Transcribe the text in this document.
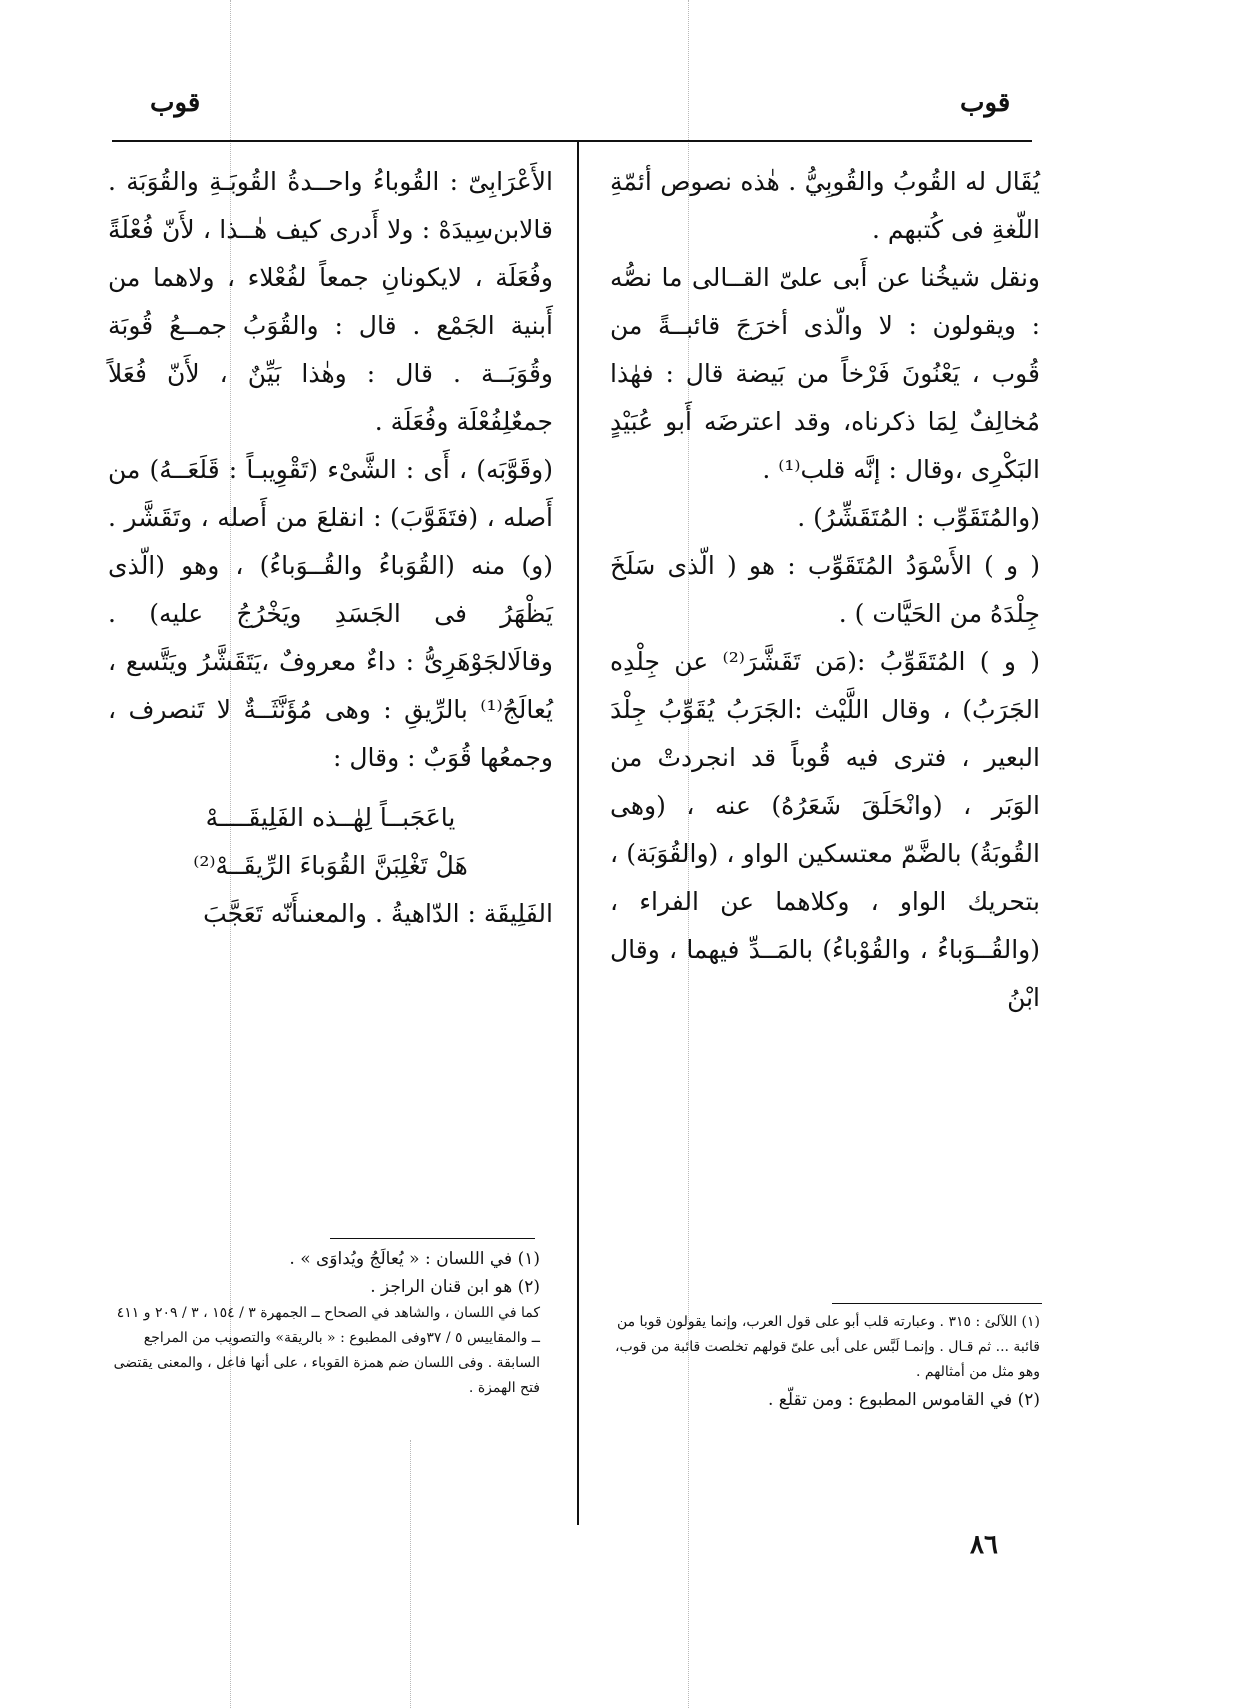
قوب
قوب

يُقَال له القُوبُ والقُوبِيُّ . هٰذه نصوص أئمّةِ اللّغةِ فى كُتبهم .

ونقل شيخُنا عن أَبى علىّ القــالى ما نصُّه : ويقولون : لا والّذى أخرَجَ قائبــةً من قُوب ، يَعْنُونَ فَرْخاً من بَيضة قال : فهٰذا مُخالِفٌ لِمَا ذكرناه، وقد اعترضَه أَبو عُبَيْدٍ البَكْرِى ،وقال : إنَّه قلب⁽¹⁾ .

(والمُتَقَوِّب : المُتَقَشِّرُ) .

( و ) الأَسْوَدُ المُتَقَوِّب : هو ( الّذى سَلَخَ جِلْدَهُ من الحَيَّات ) .

( و ) المُتَقَوِّبُ :(مَن تَقَشَّرَ⁽²⁾ عن جِلْدِه الجَرَبُ) ، وقال اللَّيْث :الجَرَبُ يُقَوِّبُ جِلْدَ البعير ، فترى فيه قُوباً قد انجردتْ من الوَبَر ، (وانْحَلَقَ شَعَرُهُ) عنه ، (وهى القُوبَةُ) بالضَّمّ معتسكين الواو ، (والقُوَبَة) ، بتحريك الواو ، وكلاهما عن الفراء ، (والقُــوَباءُ ، والقُوْباءُ) بالمَــدِّ فيهما ، وقال ابْنُ

الأَعْرَابِىّ : القُوباءُ واحــدةُ القُوبَـةِ والقُوَبَة . قالابن‌سِيدَهْ : ولا أَدرى كيف هٰــذا ، لأَنّ فُعْلَةً وفُعَلَة ، لايكونانِ جمعاً لفُعْلاء ، ولاهما من أَبنية الجَمْع . قال : والقُوَبُ جمــعُ قُوبَة وقُوَبَــة . قال : وهٰذا بَيِّنٌ ، لأَنّ فُعَلاً جمعٌلِفُعْلَة وفُعَلَة .

(وقَوَّبَه) ، أَى : الشَّىْء (تَقْوِيبـاً : قَلَعَــهُ) من أَصله ، (فتَقَوَّبَ) : انقلعَ من أَصله ، وتَقَشَّر . (و) منه (القُوَباءُ والقُــوَباءُ) ، وهو (الّذى يَظْهَرُ فى الجَسَدِ ويَخْرُجُ عليه) . وقالَالجَوْهَرِىُّ : داءٌ معروفٌ ،يَتَقَشَّرُ ويَتَّسع ، يُعالَجُ⁽¹⁾ بالرِّيقِ : وهى مُؤَنَّثَــةٌ لا تَنصرف ، وجمعُها قُوَبٌ : وقال :

ياعَجَبــاً لِهٰــذه الفَلِيقَــــهْ
هَلْ تَغْلِبَنَّ القُوَباءَ الرِّيقَــهْ⁽²⁾

الفَلِيقَة : الدّاهيةُ . والمعنىأَنّه تَعَجَّبَ

(١) اللآلئ : ٣١٥ . وعبارته قلب أبو على قول العرب، وإنما يقولون قوبا من قائبة ... ثم قـال . وإنمـا لَبَّس على أبى علىّ قولهم تخلصت قائبة من قوب، وهو مثل من أمثالهم .

(٢) في القاموس المطبوع : ومن تقلّع .

(١) في اللسان : « يُعالَجُ ويُداوَى » .

(٢) هو ابن قنان الراجز .

كما في اللسان ، والشاهد في الصحاح ــ الجمهرة ٣ / ١٥٤ ، ٣ / ٢٠٩ و ٤١١ ــ والمقاييس ٥ / ٣٧وفى المطبوع : « بالريقة» والتصويب من المراجع السابقة . وفى اللسان ضم همزة القوباء ، على أنها فاعل ، والمعنى يقتضى فتح الهمزة .

٨٦
